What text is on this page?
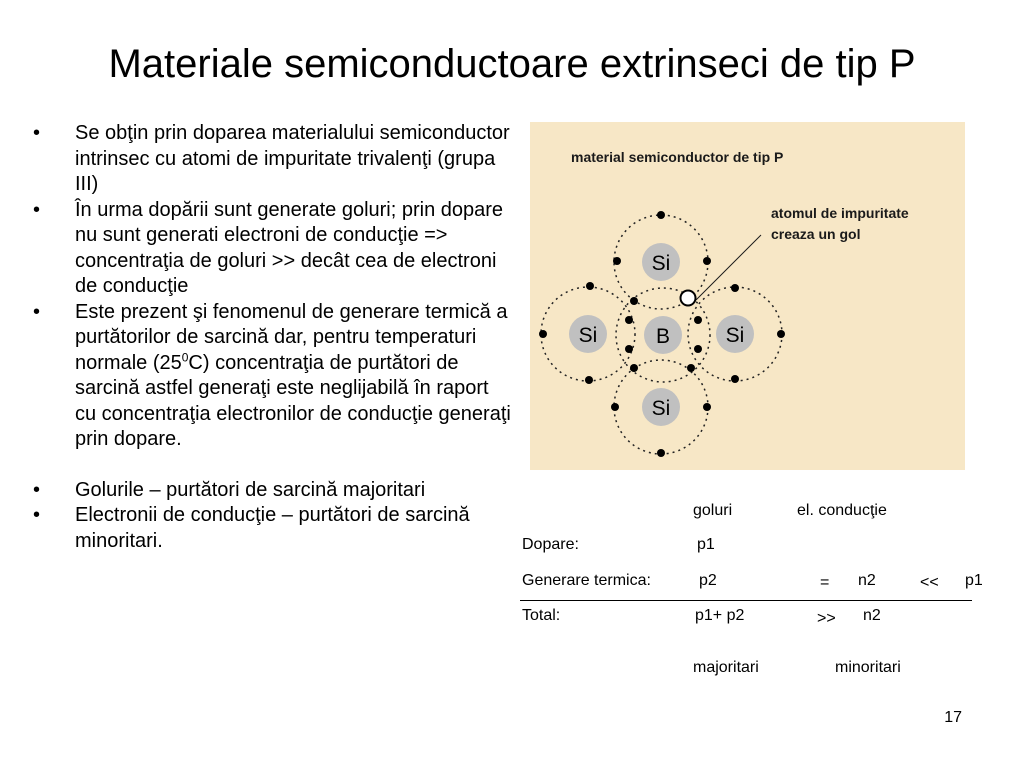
Materiale semiconductoare extrinseci de tip P
• Se obţin prin doparea materialului semiconductor intrinsec cu atomi de impuritate trivalenţi (grupa III)
• În urma dopării sunt generate goluri; prin dopare nu sunt generati electroni de conducţie => concentraţia de goluri >> decât cea de electroni de conducţie
• Este prezent şi fenomenul de generare termică a purtătorilor de sarcină dar, pentru temperaturi normale $(25^0C)$ concentraţia de purtători de sarcină astfel generaţi este neglijabilă în raport cu concentraţia electronilor de conducţie generaţi prin dopare.
• Golurile – purtători de sarcină majoritari
• Electronii de conducţie – purtători de sarcină minoritari.
material semiconductor de tip P
atomul de impuritate
creaza un gol
Si
Si	B	Si
Si
goluri	el. conducţie
Dopare:	p1
Generare termica:	p2	= n2	<< p1
Total:	p1+ p2	>> n2
majoritari	minoritari
17
